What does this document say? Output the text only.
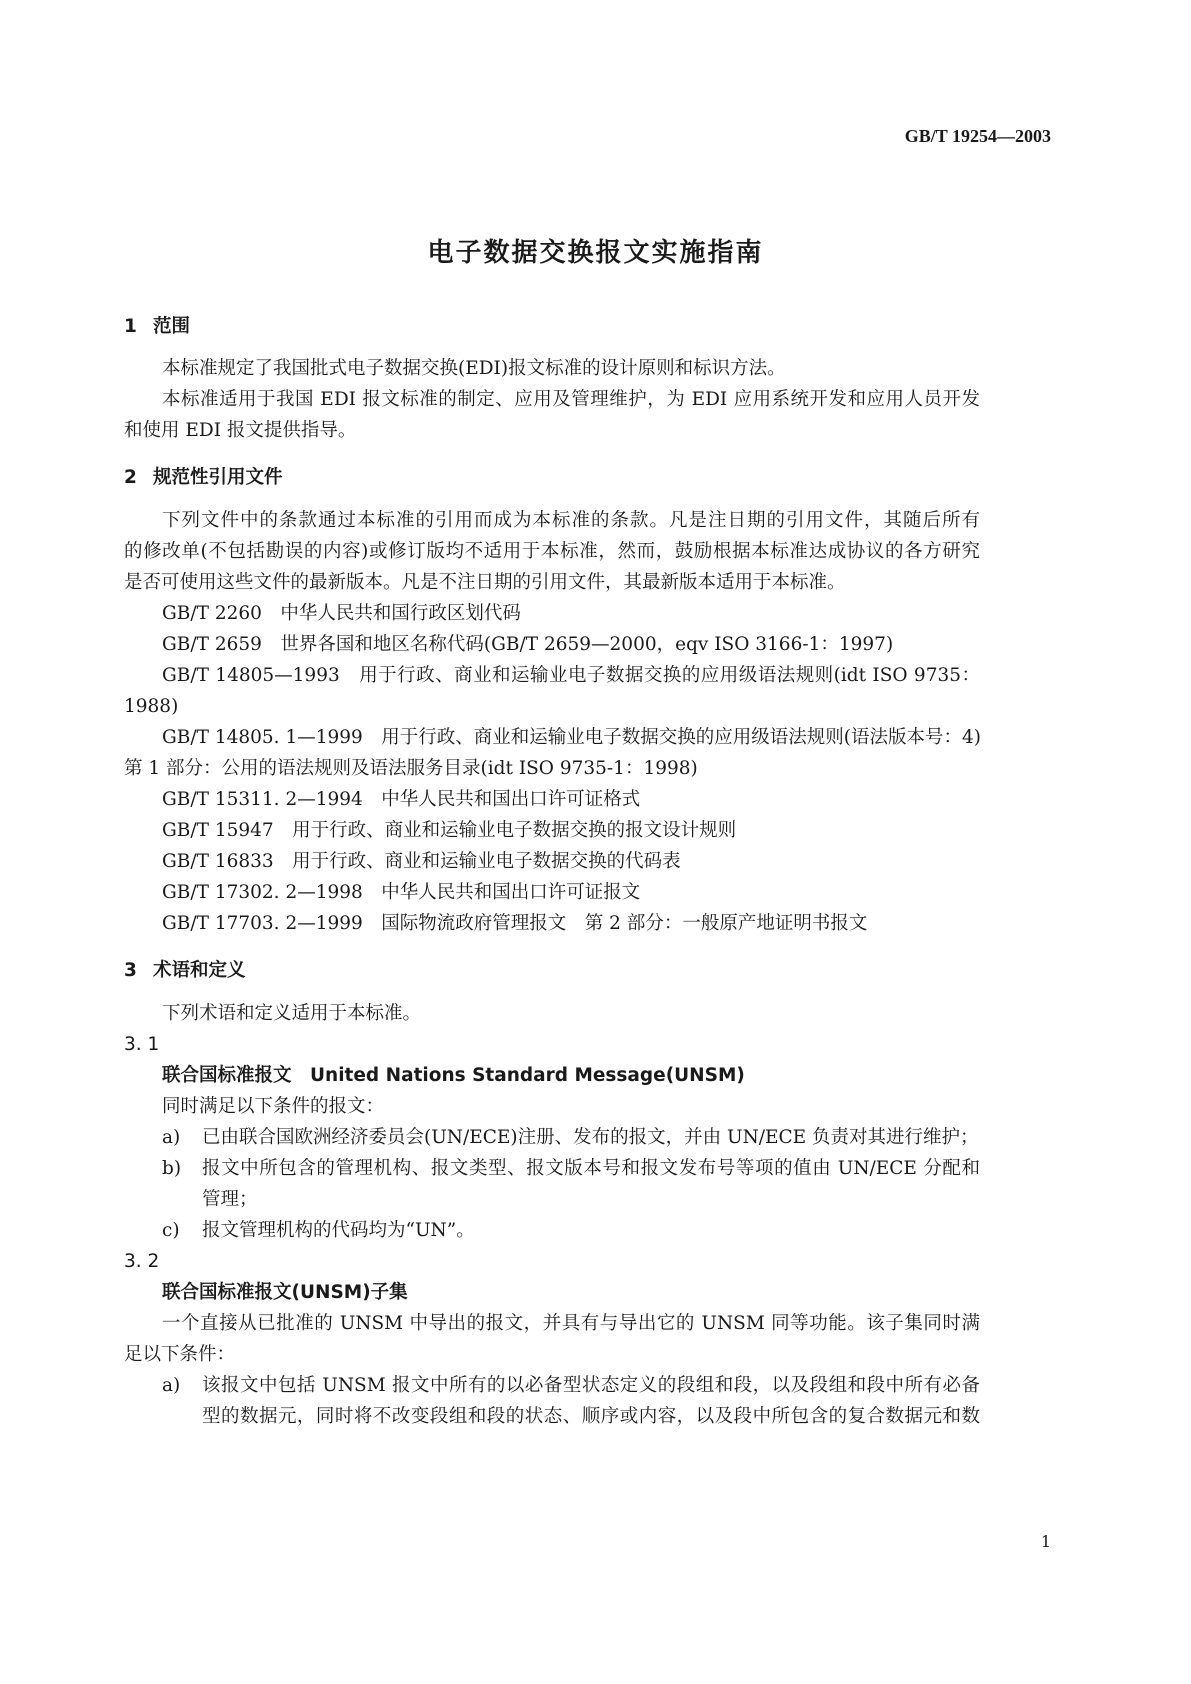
GB/T 19254—2003
电子数据交换报文实施指南
1 范围
本标准规定了我国批式电子数据交换(EDI)报文标准的设计原则和标识方法。
本标准适用于我国 EDI 报文标准的制定、应用及管理维护，为 EDI 应用系统开发和应用人员开发
和使用 EDI 报文提供指导。
2 规范性引用文件
下列文件中的条款通过本标准的引用而成为本标准的条款。凡是注日期的引用文件，其随后所有
的修改单(不包括勘误的内容)或修订版均不适用于本标准，然而，鼓励根据本标准达成协议的各方研究
是否可使用这些文件的最新版本。凡是不注日期的引用文件，其最新版本适用于本标准。
GB/T 2260　中华人民共和国行政区划代码
GB/T 2659　世界各国和地区名称代码(GB/T 2659—2000，eqv ISO 3166-1：1997)
GB/T 14805—1993　用于行政、商业和运输业电子数据交换的应用级语法规则(idt ISO 9735：
1988)
GB/T 14805. 1—1999　用于行政、商业和运输业电子数据交换的应用级语法规则(语法版本号：4)
第 1 部分：公用的语法规则及语法服务目录(idt ISO 9735-1：1998)
GB/T 15311. 2—1994　中华人民共和国出口许可证格式
GB/T 15947　用于行政、商业和运输业电子数据交换的报文设计规则
GB/T 16833　用于行政、商业和运输业电子数据交换的代码表
GB/T 17302. 2—1998　中华人民共和国出口许可证报文
GB/T 17703. 2—1999　国际物流政府管理报文　第 2 部分：一般原产地证明书报文
3 术语和定义
下列术语和定义适用于本标准。
3. 1
联合国标准报文　United Nations Standard Message(UNSM)
同时满足以下条件的报文：
a) 已由联合国欧洲经济委员会(UN/ECE)注册、发布的报文，并由 UN/ECE 负责对其进行维护；
b) 报文中所包含的管理机构、报文类型、报文版本号和报文发布号等项的值由 UN/ECE 分配和
管理；
c) 报文管理机构的代码均为“UN”。
3. 2
联合国标准报文(UNSM)子集
一个直接从已批准的 UNSM 中导出的报文，并具有与导出它的 UNSM 同等功能。该子集同时满
足以下条件：
a) 该报文中包括 UNSM 报文中所有的以必备型状态定义的段组和段，以及段组和段中所有必备
型的数据元，同时将不改变段组和段的状态、顺序或内容，以及段中所包含的复合数据元和数
1
